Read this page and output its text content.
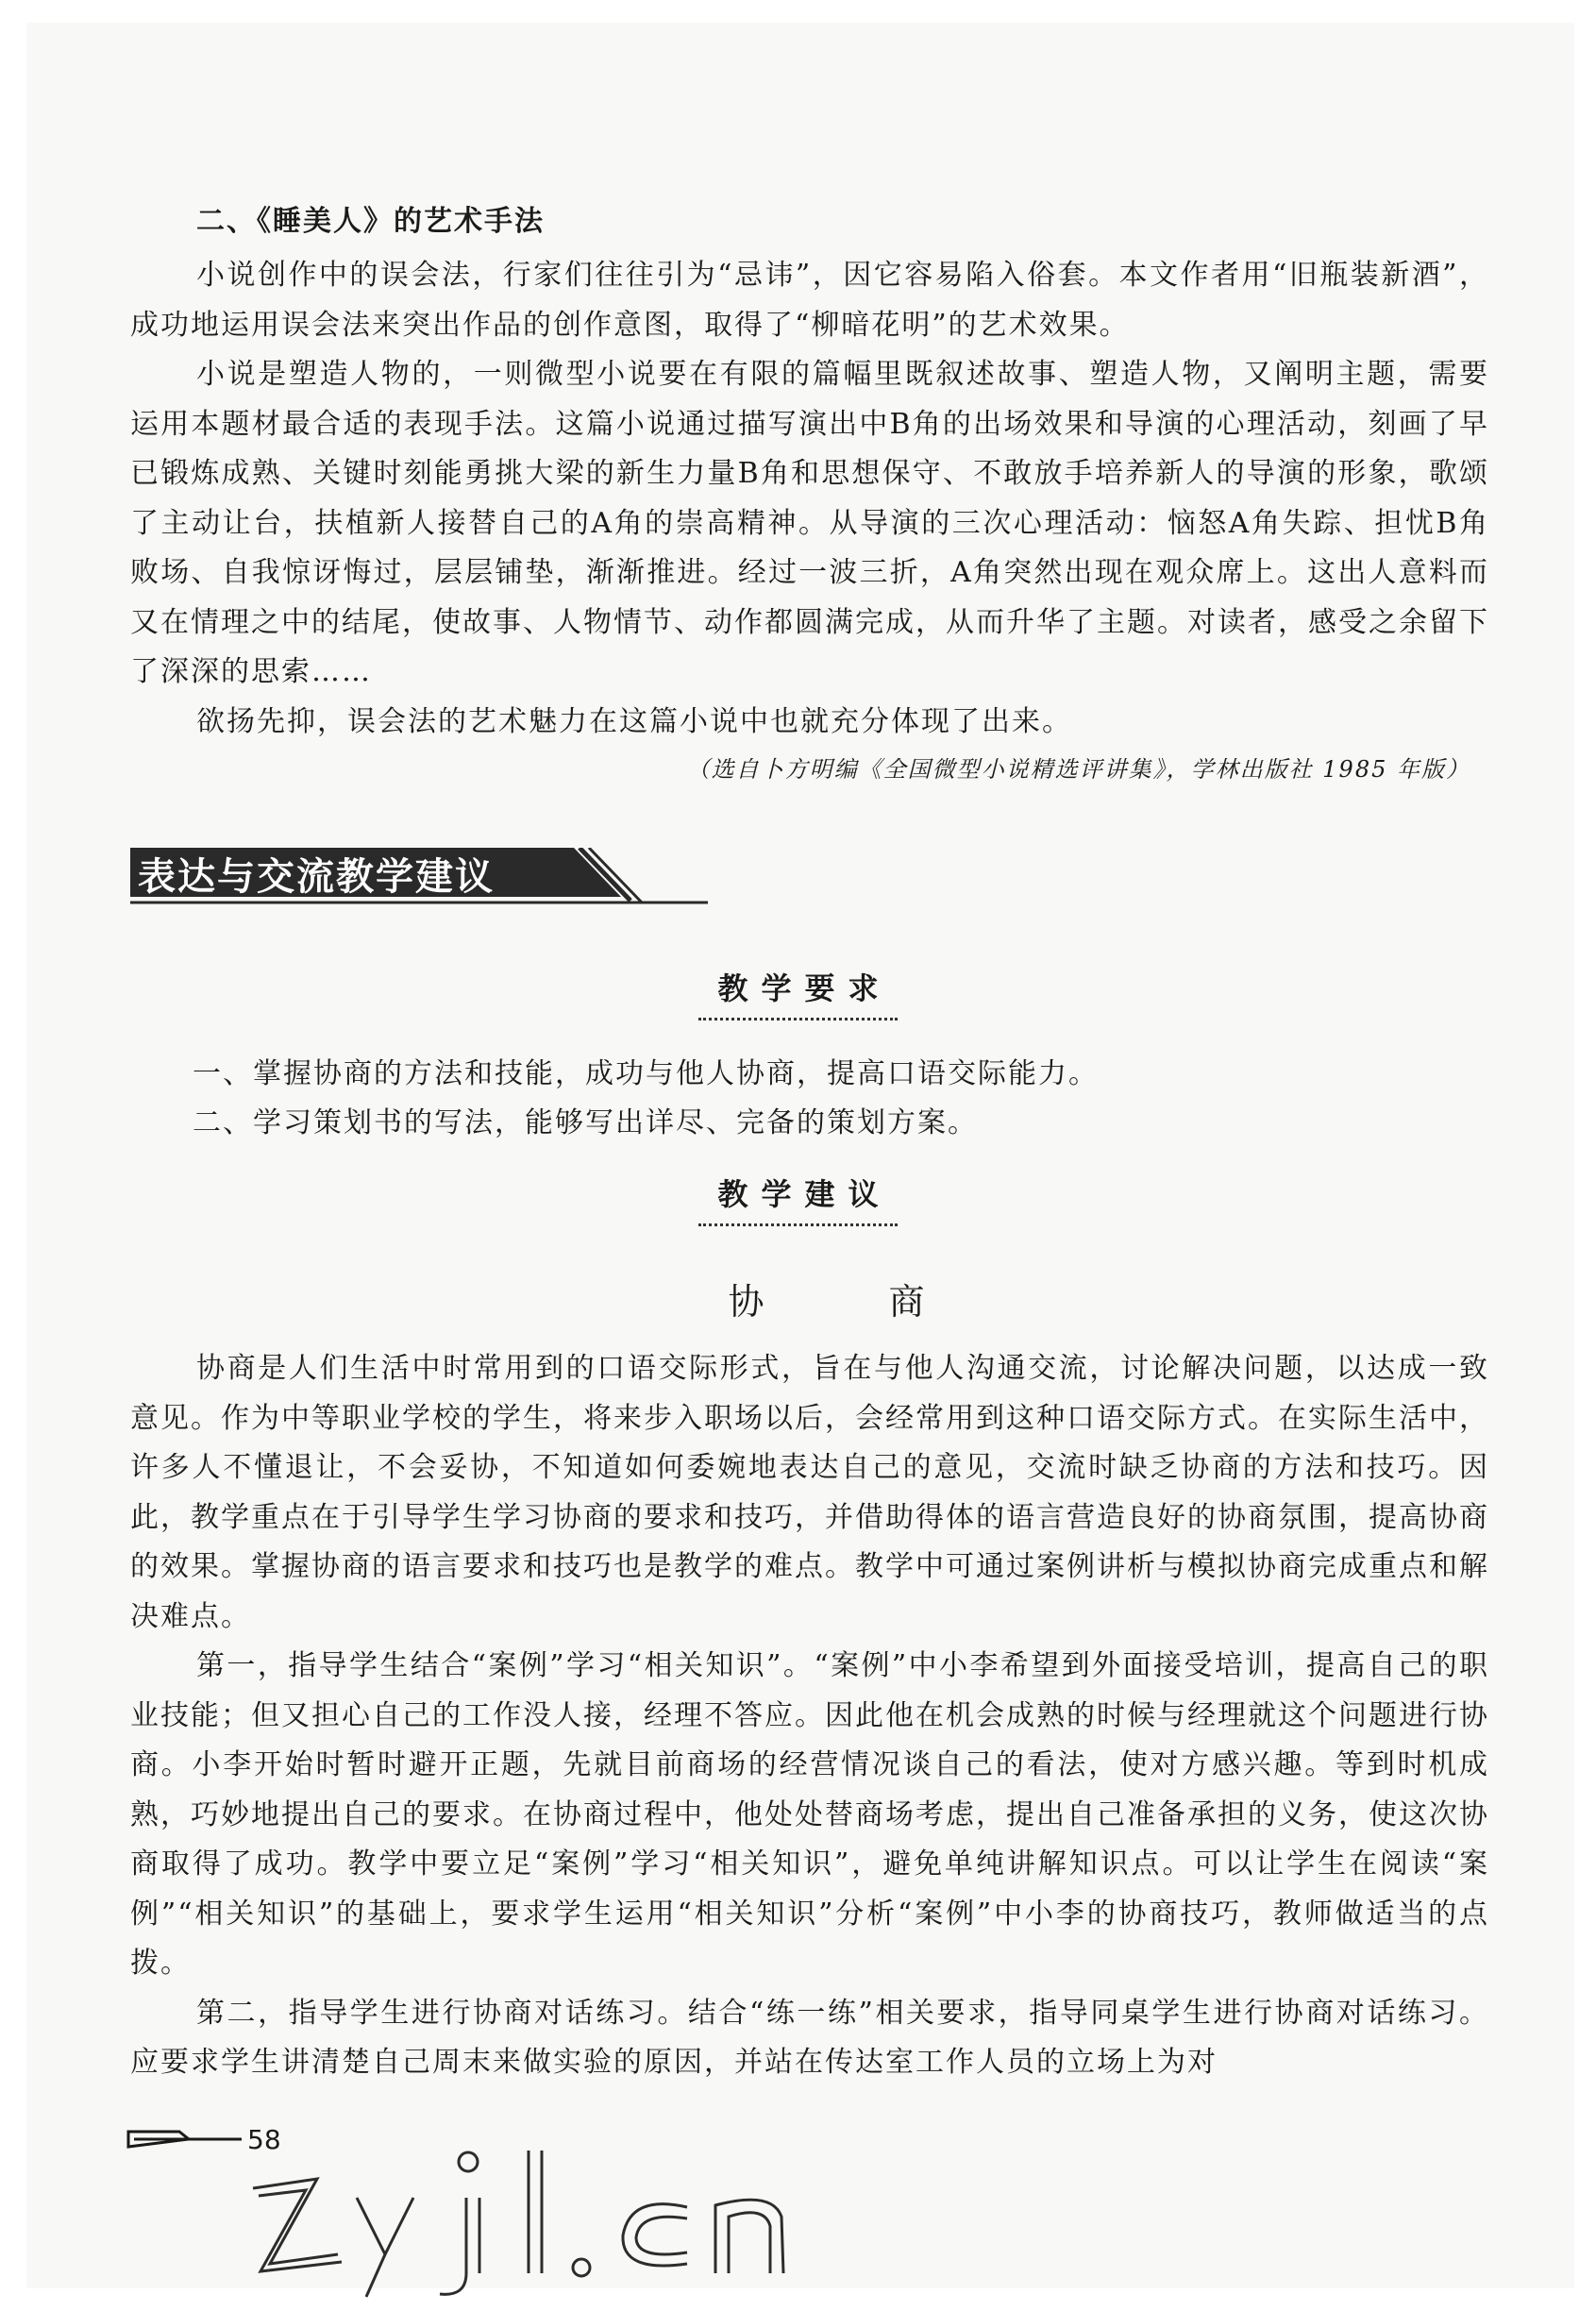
二、《睡美人》的艺术手法

小说创作中的误会法，行家们往往引为“忌讳”，因它容易陷入俗套。本文作者用“旧瓶装新酒”，成功地运用误会法来突出作品的创作意图，取得了“柳暗花明”的艺术效果。

小说是塑造人物的，一则微型小说要在有限的篇幅里既叙述故事、塑造人物，又阐明主题，需要运用本题材最合适的表现手法。这篇小说通过描写演出中B角的出场效果和导演的心理活动，刻画了早已锻炼成熟、关键时刻能勇挑大梁的新生力量B角和思想保守、不敢放手培养新人的导演的形象，歌颂了主动让台，扶植新人接替自己的A角的崇高精神。从导演的三次心理活动：恼怒A角失踪、担忧B角败场、自我惊讶悔过，层层铺垫，渐渐推进。经过一波三折，A角突然出现在观众席上。这出人意料而又在情理之中的结尾，使故事、人物情节、动作都圆满完成，从而升华了主题。对读者，感受之余留下了深深的思索……

欲扬先抑，误会法的艺术魅力在这篇小说中也就充分体现了出来。

（选自卜方明编《全国微型小说精选评讲集》，学林出版社 1985 年版）

表达与交流教学建议
教学要求

一、掌握协商的方法和技能，成功与他人协商，提高口语交际能力。

二、学习策划书的写法，能够写出详尽、完备的策划方案。

教学建议
协 商

协商是人们生活中时常用到的口语交际形式，旨在与他人沟通交流，讨论解决问题，以达成一致意见。作为中等职业学校的学生，将来步入职场以后，会经常用到这种口语交际方式。在实际生活中，许多人不懂退让，不会妥协，不知道如何委婉地表达自己的意见，交流时缺乏协商的方法和技巧。因此，教学重点在于引导学生学习协商的要求和技巧，并借助得体的语言营造良好的协商氛围，提高协商的效果。掌握协商的语言要求和技巧也是教学的难点。教学中可通过案例讲析与模拟协商完成重点和解决难点。

第一，指导学生结合“案例”学习“相关知识”。“案例”中小李希望到外面接受培训，提高自己的职业技能；但又担心自己的工作没人接，经理不答应。因此他在机会成熟的时候与经理就这个问题进行协商。小李开始时暂时避开正题，先就目前商场的经营情况谈自己的看法，使对方感兴趣。等到时机成熟，巧妙地提出自己的要求。在协商过程中，他处处替商场考虑，提出自己准备承担的义务，使这次协商取得了成功。教学中要立足“案例”学习“相关知识”，避免单纯讲解知识点。可以让学生在阅读“案例”“相关知识”的基础上，要求学生运用“相关知识”分析“案例”中小李的协商技巧，教师做适当的点拨。

第二，指导学生进行协商对话练习。结合“练一练”相关要求，指导同桌学生进行协商对话练习。应要求学生讲清楚自己周末来做实验的原因，并站在传达室工作人员的立场上为对

58
